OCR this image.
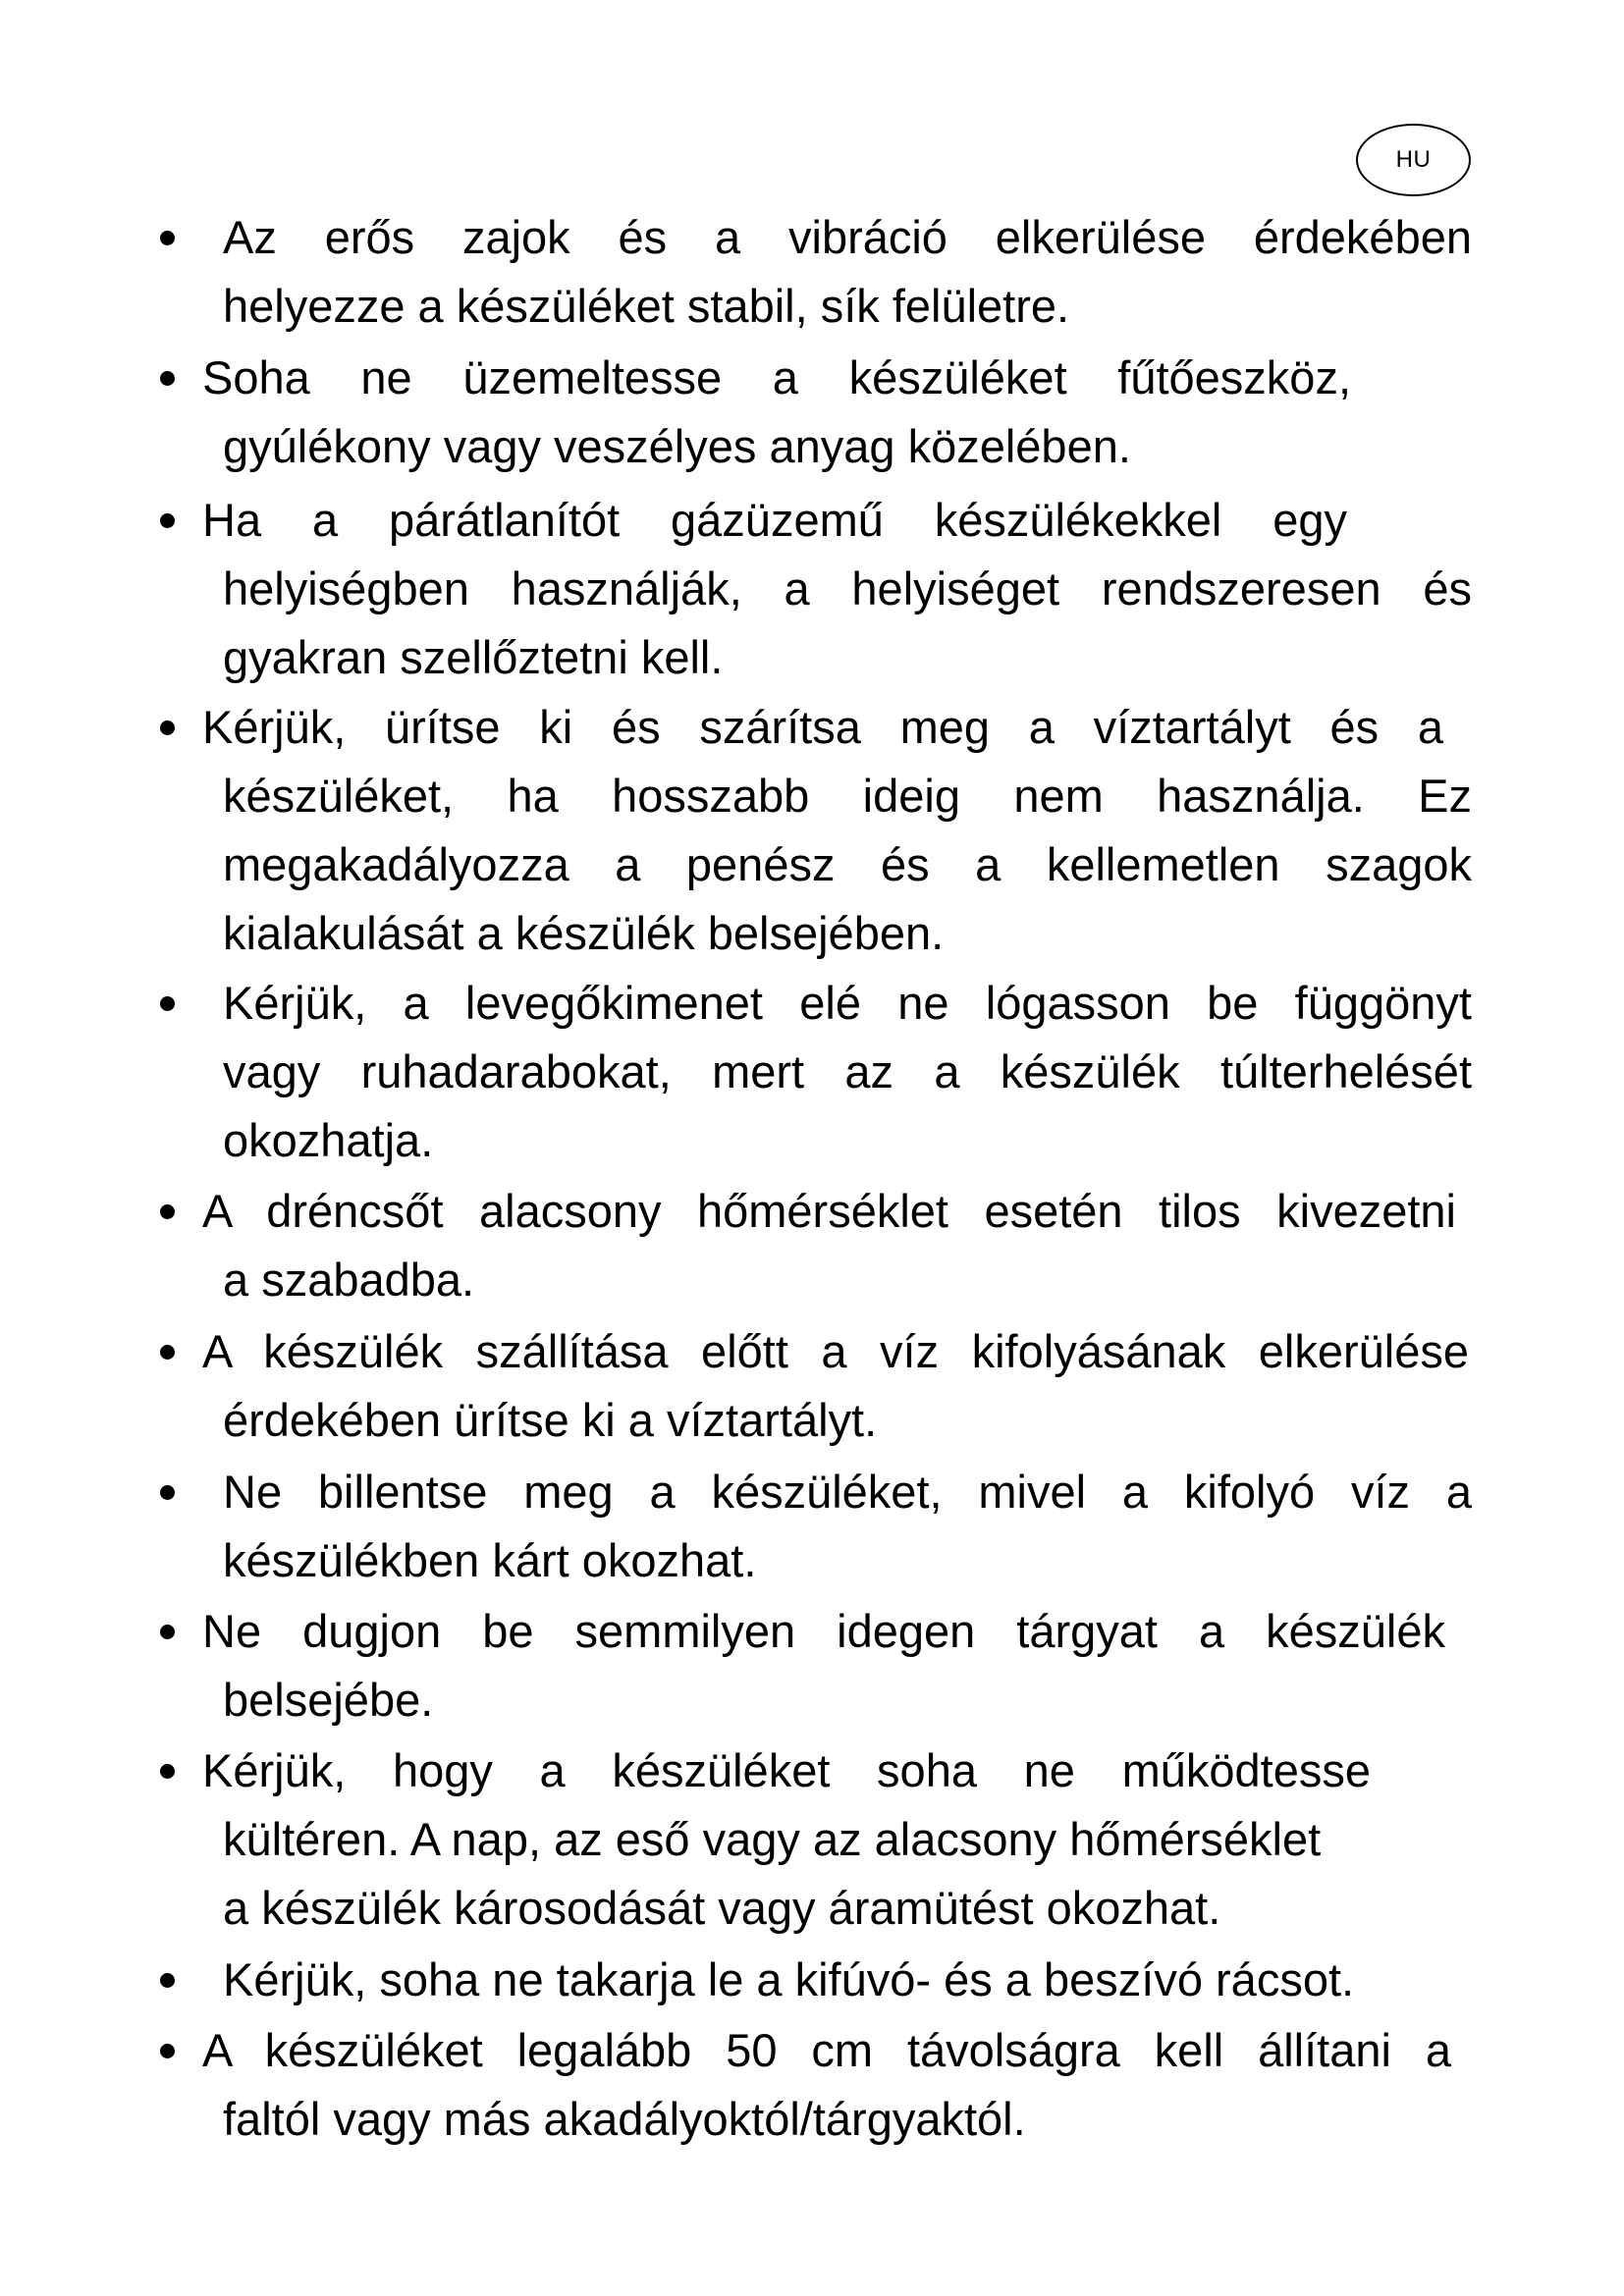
HU
Az erős zajok és a vibráció elkerülése érdekében
helyezze a készüléket stabil, sík felületre.
Soha ne üzemeltesse a készüléket fűtőeszköz,
gyúlékony vagy veszélyes anyag közelében.
Ha a párátlanítót gázüzemű készülékekkel egy
helyiségben használják, a helyiséget rendszeresen és
gyakran szellőztetni kell.
Kérjük, ürítse ki és szárítsa meg a víztartályt és a
készüléket, ha hosszabb ideig nem használja. Ez
megakadályozza a penész és a kellemetlen szagok
kialakulását a készülék belsejében.
Kérjük, a levegőkimenet elé ne lógasson be függönyt
vagy ruhadarabokat, mert az a készülék túlterhelését
okozhatja.
A dréncsőt alacsony hőmérséklet esetén tilos kivezetni
a szabadba.
A készülék szállítása előtt a víz kifolyásának elkerülése
érdekében ürítse ki a víztartályt.
Ne billentse meg a készüléket, mivel a kifolyó víz a
készülékben kárt okozhat.
Ne dugjon be semmilyen idegen tárgyat a készülék
belsejébe.
Kérjük, hogy a készüléket soha ne működtesse
kültéren. A nap, az eső vagy az alacsony hőmérséklet
a készülék károsodását vagy áramütést okozhat.
Kérjük, soha ne takarja le a kifúvó- és a beszívó rácsot.
A készüléket legalább 50 cm távolságra kell állítani a
faltól vagy más akadályoktól/tárgyaktól.
